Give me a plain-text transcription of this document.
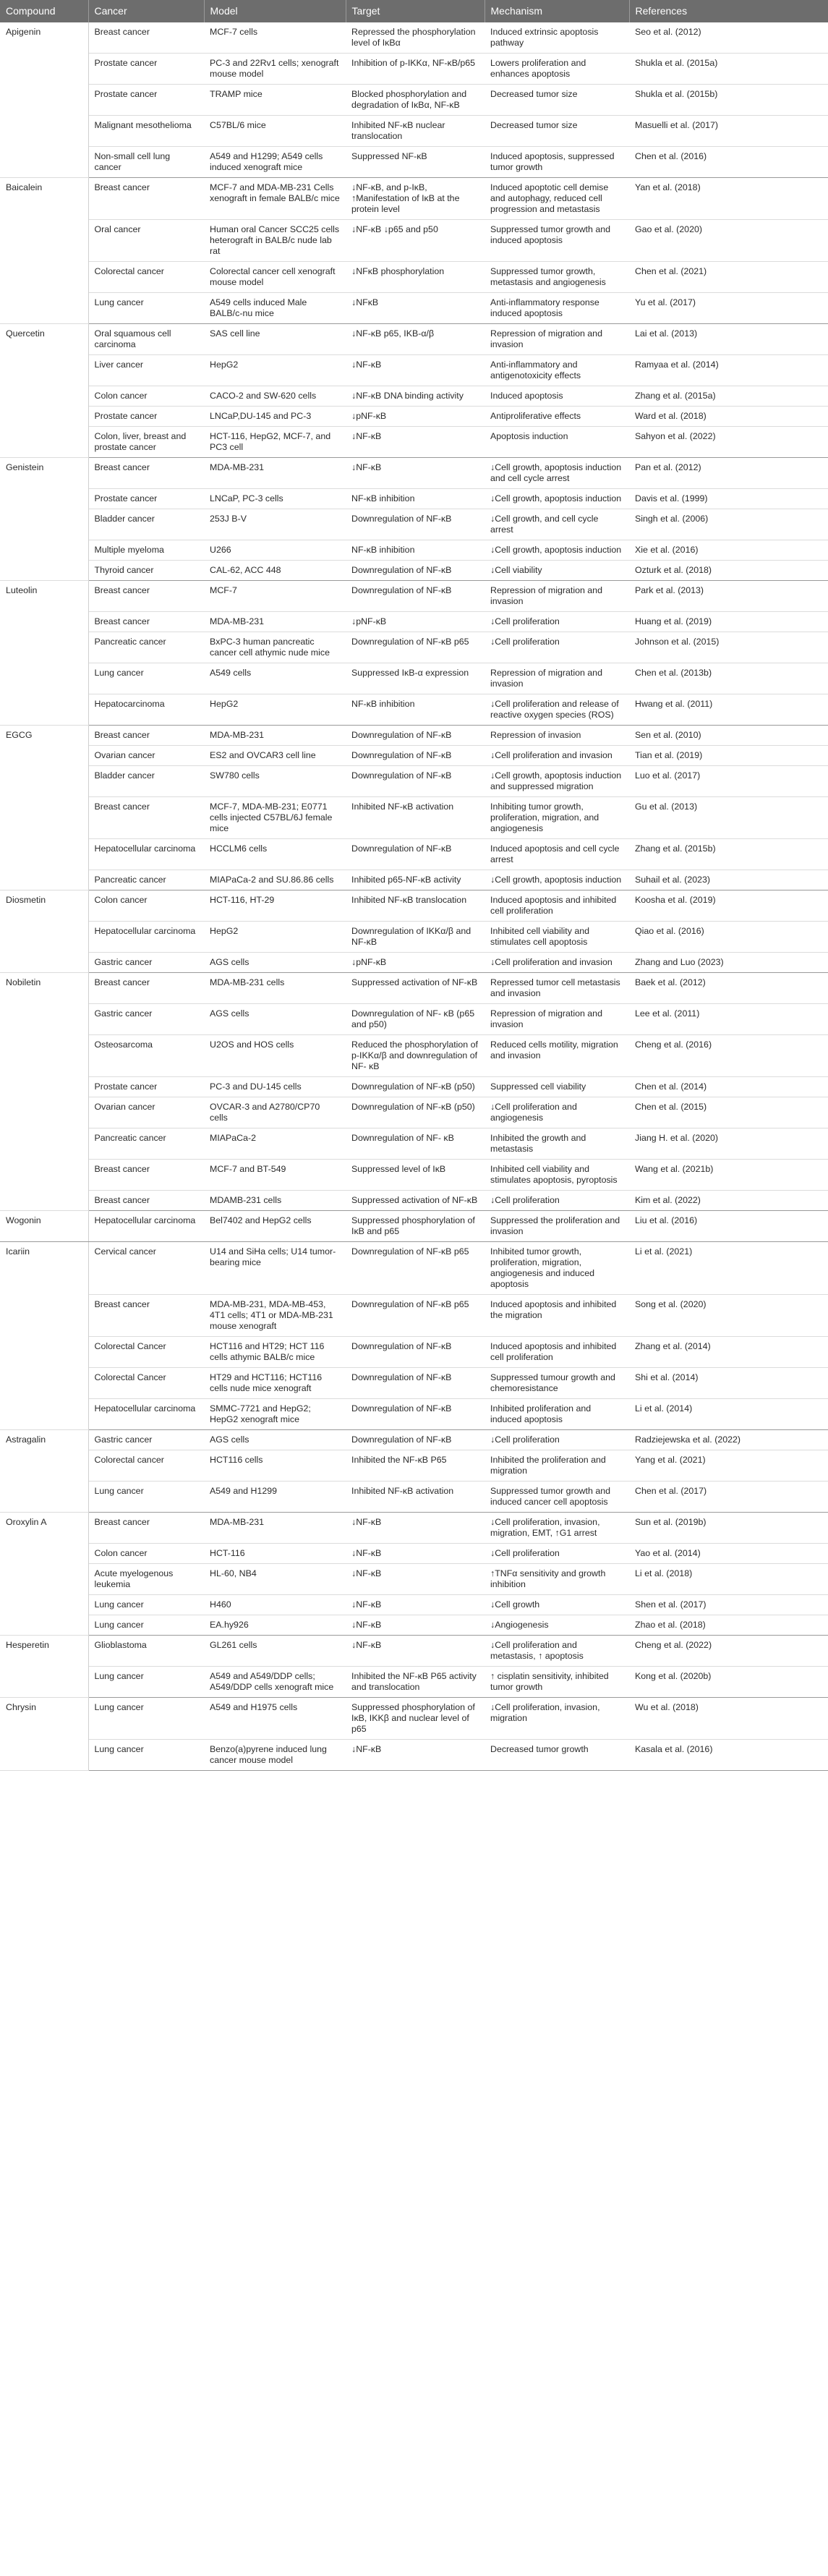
Compound	Cancer	Model	Target	Mechanism	References
Apigenin	Breast cancer	MCF-7 cells	Repressed the phosphorylation level of IκBα	Induced extrinsic apoptosis pathway	Seo et al. (2012)
	Prostate cancer	PC-3 and 22Rv1 cells; xenograft mouse model	Inhibition of p-IKKα, NF-κB/p65	Lowers proliferation and enhances apoptosis	Shukla et al. (2015a)
	Prostate cancer	TRAMP mice	Blocked phosphorylation and degradation of IκBα, NF-κB	Decreased tumor size	Shukla et al. (2015b)
	Malignant mesothelioma	C57BL/6 mice	Inhibited NF-κB nuclear translocation	Decreased tumor size	Masuelli et al. (2017)
	Non-small cell lung cancer	A549 and H1299; A549 cells induced xenograft mice	Suppressed NF-κB	Induced apoptosis, suppressed tumor growth	Chen et al. (2016)
Baicalein	Breast cancer	MCF-7 and MDA-MB-231 Cells xenograft in female BALB/c mice	↓NF-κB, and p-IκB, ↑Manifestation of IκB at the protein level	Induced apoptotic cell demise and autophagy, reduced cell progression and metastasis	Yan et al. (2018)
	Oral cancer	Human oral Cancer SCC25 cells heterograft in BALB/c nude lab rat	↓NF-κB ↓p65 and p50	Suppressed tumor growth and induced apoptosis	Gao et al. (2020)
	Colorectal cancer	Colorectal cancer cell xenograft mouse model	↓NFκB phosphorylation	Suppressed tumor growth, metastasis and angiogenesis	Chen et al. (2021)
	Lung cancer	A549 cells induced Male BALB/c-nu mice	↓NFκB	Anti-inflammatory response induced apoptosis	Yu et al. (2017)
Quercetin	Oral squamous cell carcinoma	SAS cell line	↓NF-κB p65, IKB-α/β	Repression of migration and invasion	Lai et al. (2013)
	Liver cancer	HepG2	↓NF-κB	Anti-inflammatory and antigenotoxicity effects	Ramyaa et al. (2014)
	Colon cancer	CACO-2 and SW-620 cells	↓NF-κB DNA binding activity	Induced apoptosis	Zhang et al. (2015a)
	Prostate cancer	LNCaP,DU-145 and PC-3	↓pNF-κB	Antiproliferative effects	Ward et al. (2018)
	Colon, liver, breast and prostate cancer	HCT-116, HepG2, MCF-7, and PC3 cell	↓NF-κB	Apoptosis induction	Sahyon et al. (2022)
Genistein	Breast cancer	MDA-MB-231	↓NF-κB	↓Cell growth, apoptosis induction and cell cycle arrest	Pan et al. (2012)
	Prostate cancer	LNCaP, PC-3 cells	NF-κB inhibition	↓Cell growth, apoptosis induction	Davis et al. (1999)
	Bladder cancer	253J B-V	Downregulation of NF-κB	↓Cell growth, and cell cycle arrest	Singh et al. (2006)
	Multiple myeloma	U266	NF-κB inhibition	↓Cell growth, apoptosis induction	Xie et al. (2016)
	Thyroid cancer	CAL-62, ACC 448	Downregulation of NF-κB	↓Cell viability	Ozturk et al. (2018)
Luteolin	Breast cancer	MCF-7	Downregulation of NF-κB	Repression of migration and invasion	Park et al. (2013)
	Breast cancer	MDA-MB-231	↓pNF-κB	↓Cell proliferation	Huang et al. (2019)
	Pancreatic cancer	BxPC-3 human pancreatic cancer cell athymic nude mice	Downregulation of NF-κB p65	↓Cell proliferation	Johnson et al. (2015)
	Lung cancer	A549 cells	Suppressed IκB-α expression	Repression of migration and invasion	Chen et al. (2013b)
	Hepatocarcinoma	HepG2	NF-κB inhibition	↓Cell proliferation and release of reactive oxygen species (ROS)	Hwang et al. (2011)
EGCG	Breast cancer	MDA-MB-231	Downregulation of NF-κB	Repression of invasion	Sen et al. (2010)
	Ovarian cancer	ES2 and OVCAR3 cell line	Downregulation of NF-κB	↓Cell proliferation and invasion	Tian et al. (2019)
	Bladder cancer	SW780 cells	Downregulation of NF-κB	↓Cell growth, apoptosis induction and suppressed migration	Luo et al. (2017)
	Breast cancer	MCF-7, MDA-MB-231; E0771 cells injected C57BL/6J female mice	Inhibited NF-κB activation	Inhibiting tumor growth, proliferation, migration, and angiogenesis	Gu et al. (2013)
	Hepatocellular carcinoma	HCCLM6 cells	Downregulation of NF-κB	Induced apoptosis and cell cycle arrest	Zhang et al. (2015b)
	Pancreatic cancer	MIAPaCa-2 and SU.86.86 cells	Inhibited p65-NF-κB activity	↓Cell growth, apoptosis induction	Suhail et al. (2023)
Diosmetin	Colon cancer	HCT-116, HT-29	Inhibited NF-κB translocation	Induced apoptosis and inhibited cell proliferation	Koosha et al. (2019)
	Hepatocellular carcinoma	HepG2	Downregulation of IKKα/β and NF-κB	Inhibited cell viability and stimulates cell apoptosis	Qiao et al. (2016)
	Gastric cancer	AGS cells	↓pNF-κB	↓Cell proliferation and invasion	Zhang and Luo (2023)
Nobiletin	Breast cancer	MDA-MB-231 cells	Suppressed activation of NF-κB	Repressed tumor cell metastasis and invasion	Baek et al. (2012)
	Gastric cancer	AGS cells	Downregulation of NF- κB (p65 and p50)	Repression of migration and invasion	Lee et al. (2011)
	Osteosarcoma	U2OS and HOS cells	Reduced the phosphorylation of p-IKKα/β and downregulation of NF- κB	Reduced cells motility, migration and invasion	Cheng et al. (2016)
	Prostate cancer	PC-3 and DU-145 cells	Downregulation of NF-κB (p50)	Suppressed cell viability	Chen et al. (2014)
	Ovarian cancer	OVCAR-3 and A2780/CP70 cells	Downregulation of NF-κB (p50)	↓Cell proliferation and angiogenesis	Chen et al. (2015)
	Pancreatic cancer	MIAPaCa-2	Downregulation of NF- κB	Inhibited the growth and metastasis	Jiang H. et al. (2020)
	Breast cancer	MCF-7 and BT-549	Suppressed level of IκB	Inhibited cell viability and stimulates apoptosis, pyroptosis	Wang et al. (2021b)
	Breast cancer	MDAMB-231 cells	Suppressed activation of NF-κB	↓Cell proliferation	Kim et al. (2022)
Wogonin	Hepatocellular carcinoma	Bel7402 and HepG2 cells	Suppressed phosphorylation of IκB and p65	Suppressed the proliferation and invasion	Liu et al. (2016)
Icariin	Cervical cancer	U14 and SiHa cells; U14 tumor-bearing mice	Downregulation of NF-κB p65	Inhibited tumor growth, proliferation, migration, angiogenesis and induced apoptosis	Li et al. (2021)
	Breast cancer	MDA-MB-231, MDA-MB-453, 4T1 cells; 4T1 or MDA-MB-231 mouse xenograft	Downregulation of NF-κB p65	Induced apoptosis and inhibited the migration	Song et al. (2020)
	Colorectal Cancer	HCT116 and HT29; HCT 116 cells athymic BALB/c mice	Downregulation of NF-κB	Induced apoptosis and inhibited cell proliferation	Zhang et al. (2014)
	Colorectal Cancer	HT29 and HCT116; HCT116 cells nude mice xenograft	Downregulation of NF-κB	Suppressed tumour growth and chemoresistance	Shi et al. (2014)
	Hepatocellular carcinoma	SMMC-7721 and HepG2; HepG2 xenograft mice	Downregulation of NF-κB	Inhibited proliferation and induced apoptosis	Li et al. (2014)
Astragalin	Gastric cancer	AGS cells	Downregulation of NF-κB	↓Cell proliferation	Radziejewska et al. (2022)
	Colorectal cancer	HCT116 cells	Inhibited the NF-κB P65	Inhibited the proliferation and migration	Yang et al. (2021)
	Lung cancer	A549 and H1299	Inhibited NF-κB activation	Suppressed tumor growth and induced cancer cell apoptosis	Chen et al. (2017)
Oroxylin A	Breast cancer	MDA-MB-231	↓NF-κB	↓Cell proliferation, invasion, migration, EMT, ↑G1 arrest	Sun et al. (2019b)
	Colon cancer	HCT-116	↓NF-κB	↓Cell proliferation	Yao et al. (2014)
	Acute myelogenous leukemia	HL-60, NB4	↓NF-κB	↑TNFα sensitivity and growth inhibition	Li et al. (2018)
	Lung cancer	H460	↓NF-κB	↓Cell growth	Shen et al. (2017)
	Lung cancer	EA.hy926	↓NF-κB	↓Angiogenesis	Zhao et al. (2018)
Hesperetin	Glioblastoma	GL261 cells	↓NF-κB	↓Cell proliferation and metastasis, ↑ apoptosis	Cheng et al. (2022)
	Lung cancer	A549 and A549/DDP cells; A549/DDP cells xenograft mice	Inhibited the NF-κB P65 activity and translocation	↑ cisplatin sensitivity, inhibited tumor growth	Kong et al. (2020b)
Chrysin	Lung cancer	A549 and H1975 cells	Suppressed phosphorylation of IκB, IKKβ and nuclear level of p65	↓Cell proliferation, invasion, migration	Wu et al. (2018)
	Lung cancer	Benzo(a)pyrene induced lung cancer mouse model	↓NF-κB	Decreased tumor growth	Kasala et al. (2016)
